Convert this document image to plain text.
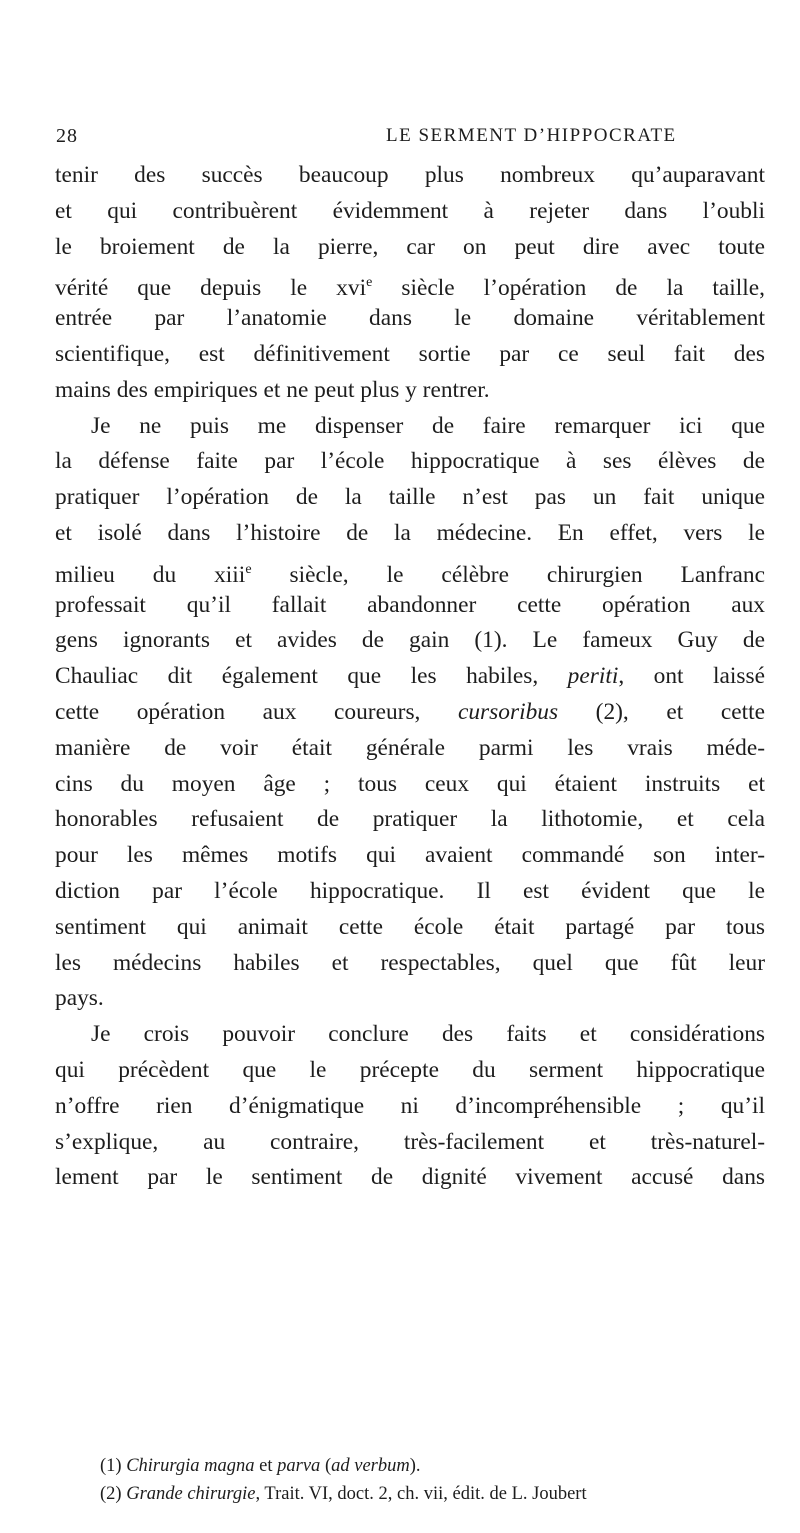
28	LE SERMENT D’HIPPOCRATE
tenir des succès beaucoup plus nombreux qu’auparavant
et qui contribuèrent évidemment à rejeter dans l’oubli
le broiement de la pierre, car on peut dire avec toute
vérité que depuis le xvi$^e$ siècle l’opération de la taille,
entrée par l’anatomie dans le domaine véritablement
scientifique, est définitivement sortie par ce seul fait des
mains des empiriques et ne peut plus y rentrer.
Je ne puis me dispenser de faire remarquer ici que
la défense faite par l’école hippocratique à ses élèves de
pratiquer l’opération de la taille n’est pas un fait unique
et isolé dans l’histoire de la médecine. En effet, vers le
milieu du xiii$^e$ siècle, le célèbre chirurgien Lanfranc
professait qu’il fallait abandonner cette opération aux
gens ignorants et avides de gain (1). Le fameux Guy de
Chauliac dit également que les habiles, periti, ont laissé
cette opération aux coureurs, cursoribus (2), et cette
manière de voir était générale parmi les vrais méde-
cins du moyen âge ; tous ceux qui étaient instruits et
honorables refusaient de pratiquer la lithotomie, et cela
pour les mêmes motifs qui avaient commandé son inter-
diction par l’école hippocratique. Il est évident que le
sentiment qui animait cette école était partagé par tous
les médecins habiles et respectables, quel que fût leur
pays.
Je crois pouvoir conclure des faits et considérations
qui précèdent que le précepte du serment hippocratique
n’offre rien d’énigmatique ni d’incompréhensible ; qu’il
s’explique, au contraire, très-facilement et très-naturel-
lement par le sentiment de dignité vivement accusé dans
(1) Chirurgia magna et parva (ad verbum).
(2) Grande chirurgie, Trait. VI, doct. 2, ch. vii, édit. de L. Joubert
